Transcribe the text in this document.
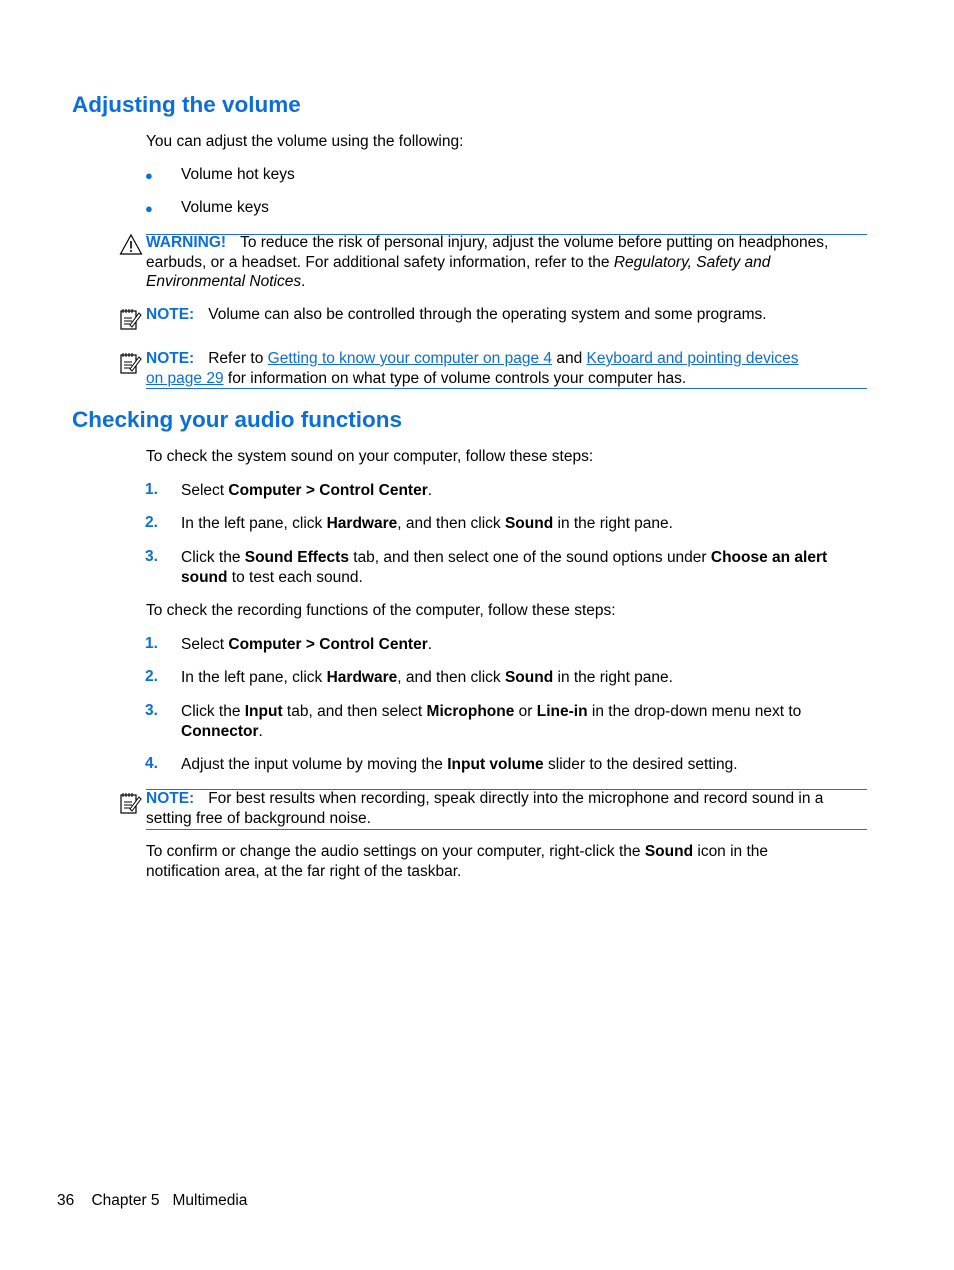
Adjusting the volume
You can adjust the volume using the following:
● Volume hot keys
● Volume keys
WARNING! To reduce the risk of personal injury, adjust the volume before putting on headphones,
earbuds, or a headset. For additional safety information, refer to the Regulatory, Safety and
Environmental Notices.
NOTE: Volume can also be controlled through the operating system and some programs.
NOTE: Refer to Getting to know your computer on page 4 and Keyboard and pointing devices
on page 29 for information on what type of volume controls your computer has.
Checking your audio functions
To check the system sound on your computer, follow these steps:
1. Select Computer > Control Center.
2. In the left pane, click Hardware, and then click Sound in the right pane.
3. Click the Sound Effects tab, and then select one of the sound options under Choose an alert
sound to test each sound.
To check the recording functions of the computer, follow these steps:
1. Select Computer > Control Center.
2. In the left pane, click Hardware, and then click Sound in the right pane.
3. Click the Input tab, and then select Microphone or Line-in in the drop-down menu next to
Connector.
4. Adjust the input volume by moving the Input volume slider to the desired setting.
NOTE: For best results when recording, speak directly into the microphone and record sound in a
setting free of background noise.
To confirm or change the audio settings on your computer, right-click the Sound icon in the
notification area, at the far right of the taskbar.
36 Chapter 5 Multimedia
